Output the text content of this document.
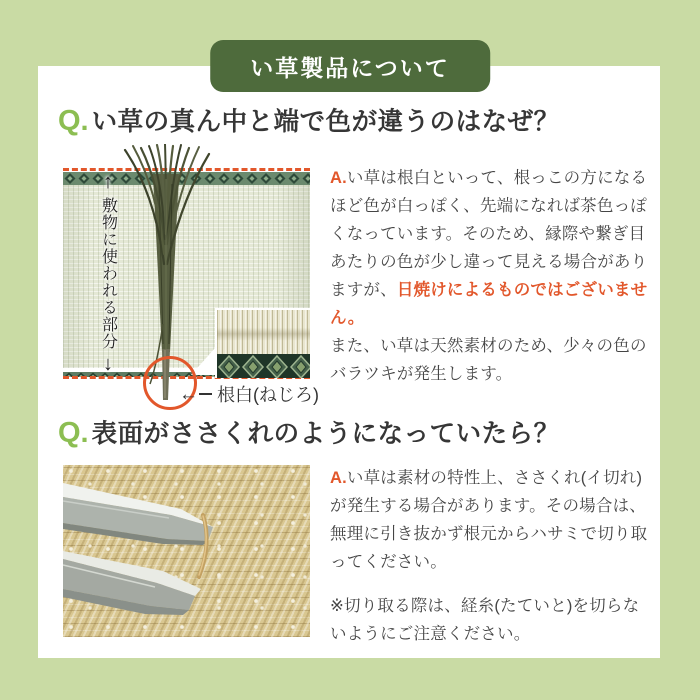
い草製品について
Q. い草の真ん中と端で色が違うのはなぜ？
↑
敷物に使われる部分
↓
← 根白(ねじろ)
A.い草は根白といって、根っこの方になるほど色が白っぽく、先端になれば茶色っぽくなっています。そのため、縁際や繋ぎ目あたりの色が少し違って見える場合がありますが、日焼けによるものではございません。
また、い草は天然素材のため、少々の色のバラツキが発生します。
Q. 表面がささくれのようになっていたら？
A.い草は素材の特性上、ささくれ(イ切れ)が発生する場合があります。その場合は、無理に引き抜かず根元からハサミで切り取ってください。
※切り取る際は、経糸(たていと)を切らないようにご注意ください。
